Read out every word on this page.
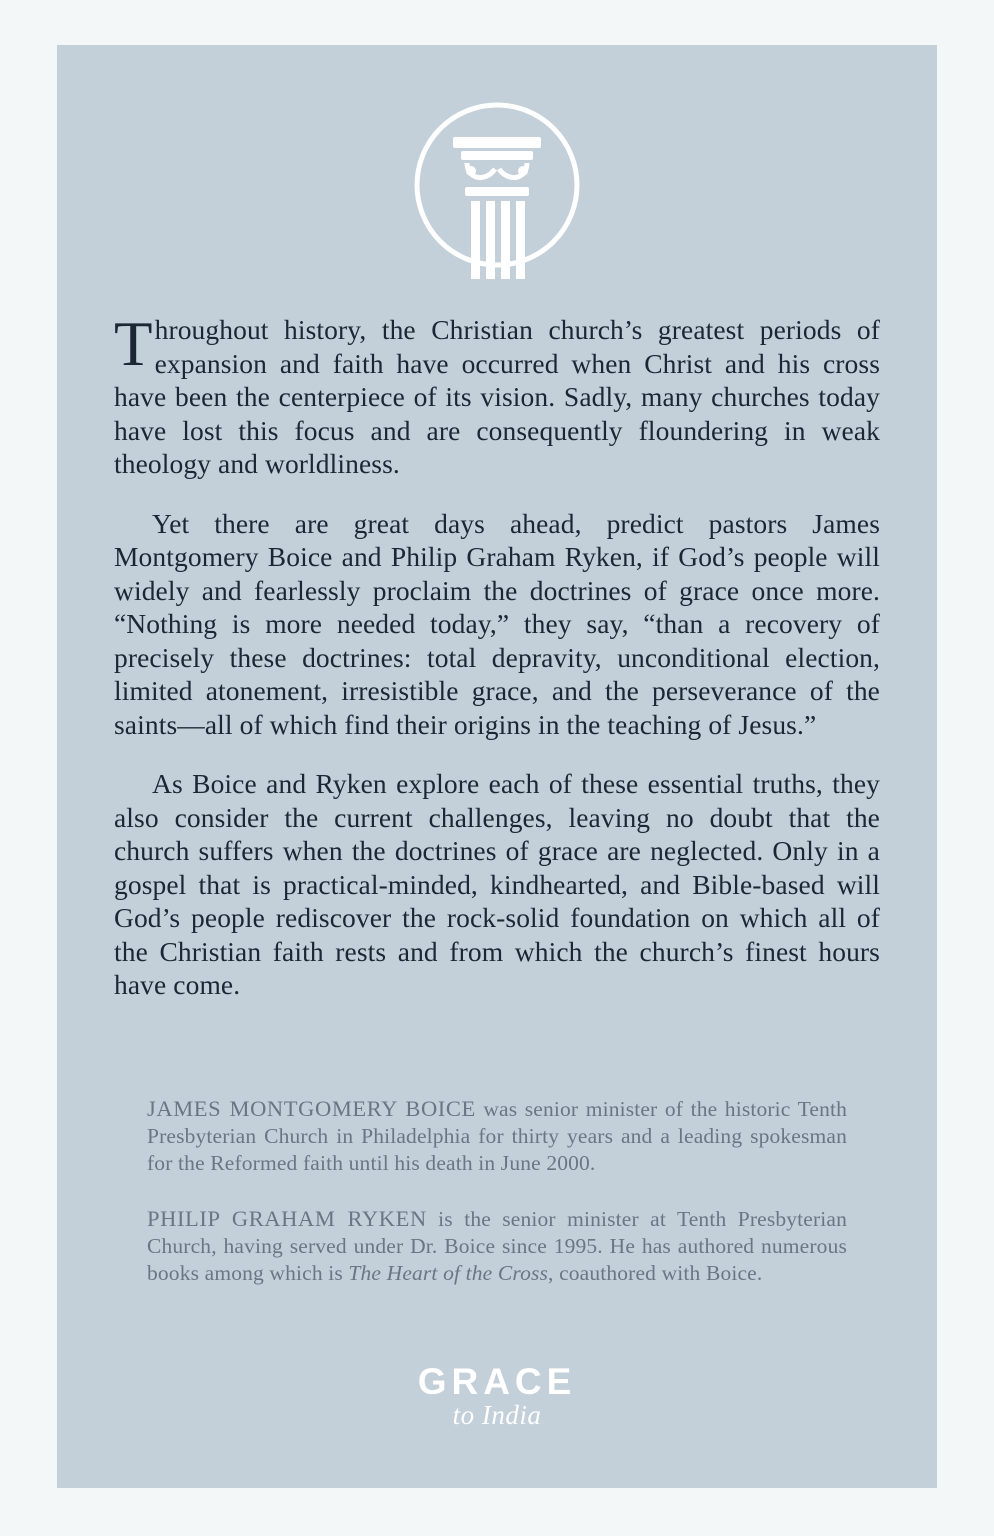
Throughout history, the Christian church’s greatest periods of expansion and faith have occurred when Christ and his cross have been the centerpiece of its vision. Sadly, many churches today have lost this focus and are consequently floundering in weak theology and worldliness.

Yet there are great days ahead, predict pastors James Montgomery Boice and Philip Graham Ryken, if God’s people will widely and fearlessly proclaim the doctrines of grace once more. “Nothing is more needed today,” they say, “than a recovery of precisely these doctrines: total depravity, unconditional election, limited atonement, irresistible grace, and the perseverance of the saints—all of which find their origins in the teaching of Jesus.”

As Boice and Ryken explore each of these essential truths, they also consider the current challenges, leaving no doubt that the church suffers when the doctrines of grace are neglected. Only in a gospel that is practical-minded, kindhearted, and Bible-based will God’s people rediscover the rock-solid foundation on which all of the Christian faith rests and from which the church’s finest hours have come.

JAMES MONTGOMERY BOICE was senior minister of the historic Tenth Presbyterian Church in Philadelphia for thirty years and a leading spokesman for the Reformed faith until his death in June 2000.

PHILIP GRAHAM RYKEN is the senior minister at Tenth Presbyterian Church, having served under Dr. Boice since 1995. He has authored numerous books among which is The Heart of the Cross, coauthored with Boice.

GRACE
to India
